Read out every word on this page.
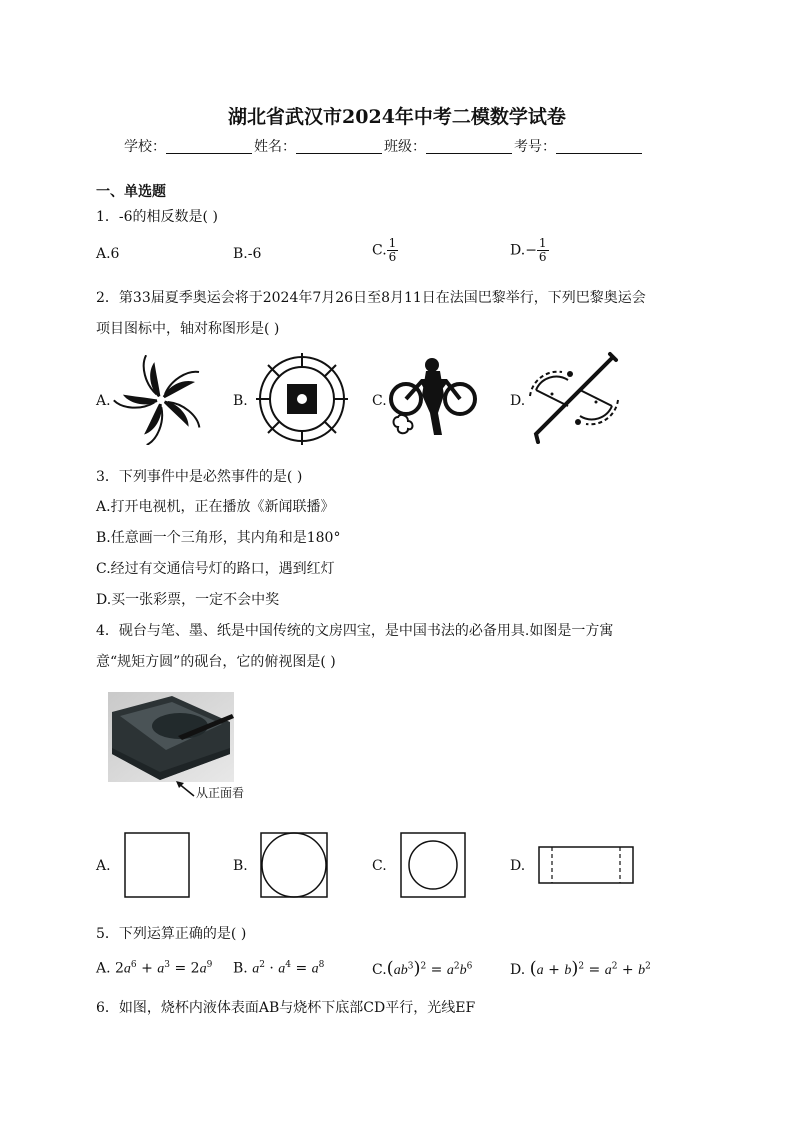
湖北省武汉市2024年中考二模数学试卷
学校：	姓名：	班级：	考号：
一、单选题
1．-6的相反数是( )
A.6	B.-6	C. $\frac{1}{6}$	$D.- \frac{1}{6}$
2．第33届夏季奥运会将于2024年7月26日至8月11日在法国巴黎举行，下列巴黎奥运会
项目图标中，轴对称图形是( )
A.	B.	C.	D.
3．下列事件中是必然事件的是( )
A.打开电视机，正在播放《新闻联播》
B.任意画一个三角形，其内角和是180°
C.经过有交通信号灯的路口，遇到红灯
D.买一张彩票，一定不会中奖
4．砚台与笔、墨、纸是中国传统的文房四宝，是中国书法的必备用具.如图是一方寓
意“规矩方圆”的砚台，它的俯视图是( )
从正面看
A.	B.	C.	D.
5．下列运算正确的是( )
A. $2a^6 + a^3 = 2a^9$ B. $a^2 \cdot a^4 = a^8$	$C.(ab^3)^2 = a^2b^6$	D. $(a + b)^2 = a^2 + b^2$
6．如图，烧杯内液体表面AB与烧杯下底部CD平行，光线EF
